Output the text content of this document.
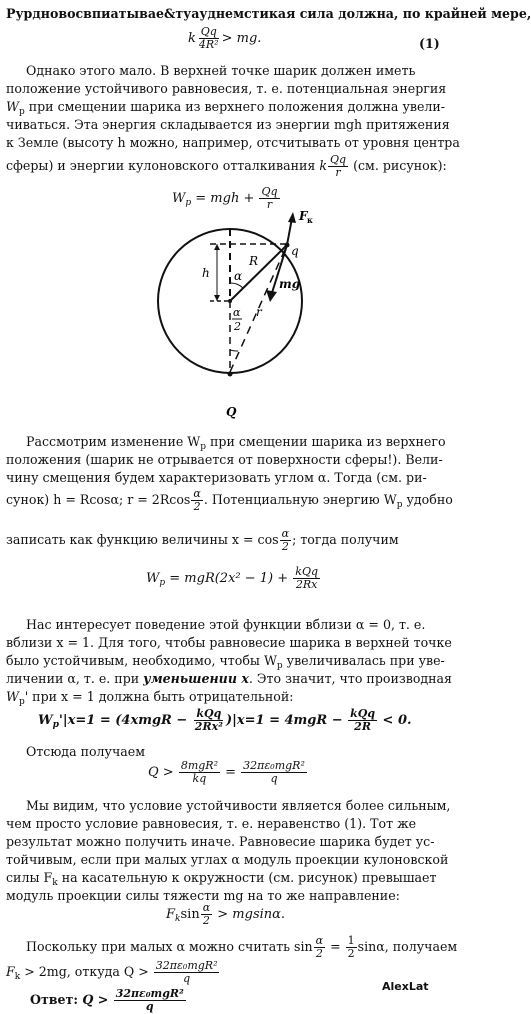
Рурдновосвпиатывае&туауднемстикая сила должна, по крайней мере,
k $\frac{Qq}{\text{4R²}}$ > mg.	(1)
Однако этого мало. В верхней точке шарик должен иметь
положение устойчивого равновесия, т. е. потенциальная энергия
$W_р$ при смещении шарика из верхнего положения должна увели-
чиваться. Эта энергия складывается из энергии mgh притяжения
к Земле (высоту h можно, например, отсчитывать от уровня центра
сферы) и энергии кулоновского отталкивания k $\frac{Qq}{r} (см$. рисунок):
$W_р$ = mgh + $\frac{Qq}{r}$
h α
R
q
F к
mg
r
α
2
Q
Рассмотрим изменение $W_р$ при смещении шарика из верхнего
положения (шарик не отрывается от поверхности сферы!). Вели-
чину смещения будем характеризовать углом α. Тогда (см. ри-
сунок) h = Rcosα; $r = 2Rcos \frac{\alpha}{2}$ . Потенциальную энергию $W_р$ удобно
записать как функцию величины $x = \cos \frac{\alpha}{2}$ ; тогда получим
$W_р = mgR(2x^2 - 1) + \frac{\text{kQq}}{2Rx}$
Нас интересует поведение этой функции вблизи α = 0, т. е.
вблизи x = 1. Для того, чтобы равновесие шарика в верхней точке
было устойчивым, необходимо, чтобы $W_р$ увеличивалась при уве-
личении α, т. е. при уменьшении x. Это значит, что производная
$W_р'$ при x = 1 должна быть отрицательной:
$W_р'|x=1$ = (4xmgR − $\frac{\text{kQq}}{\text{2Rx²}} )|x=1 = 4mgR - \frac{\text{kQq}}{2R} < 0$.
Отсюда получаем
$Q > \frac{\text{8mgR²}}{kq} = \frac{\text{32πε₀mgR²}}{q}$
Мы видим, что условие устойчивости является более сильным,
чем просто условие равновесия, т. е. неравенство (1). Тот же
результат можно получить иначе. Равновесие шарика будет ус-
тойчивым, если при малых углах α модуль проекции кулоновской
силы $F_k$ на касательную к окружности (см. рисунок) превышает
модуль проекции силы тяжести mg на то же направление:
$F_k\sin \frac{\alpha}{2} > mgsin\alpha$.
Поскольку при малых α можно считать $\sin \frac{\alpha}{2} = \frac{1}{2} \sin\alpha$, получаем
$F_k > 2mg$, откуда $Q > \frac{\text{32πε₀mgR²}}{q}$
Ответ: $Q > \frac{\text{32πε₀mgR²}}{q}$
AlexLat
